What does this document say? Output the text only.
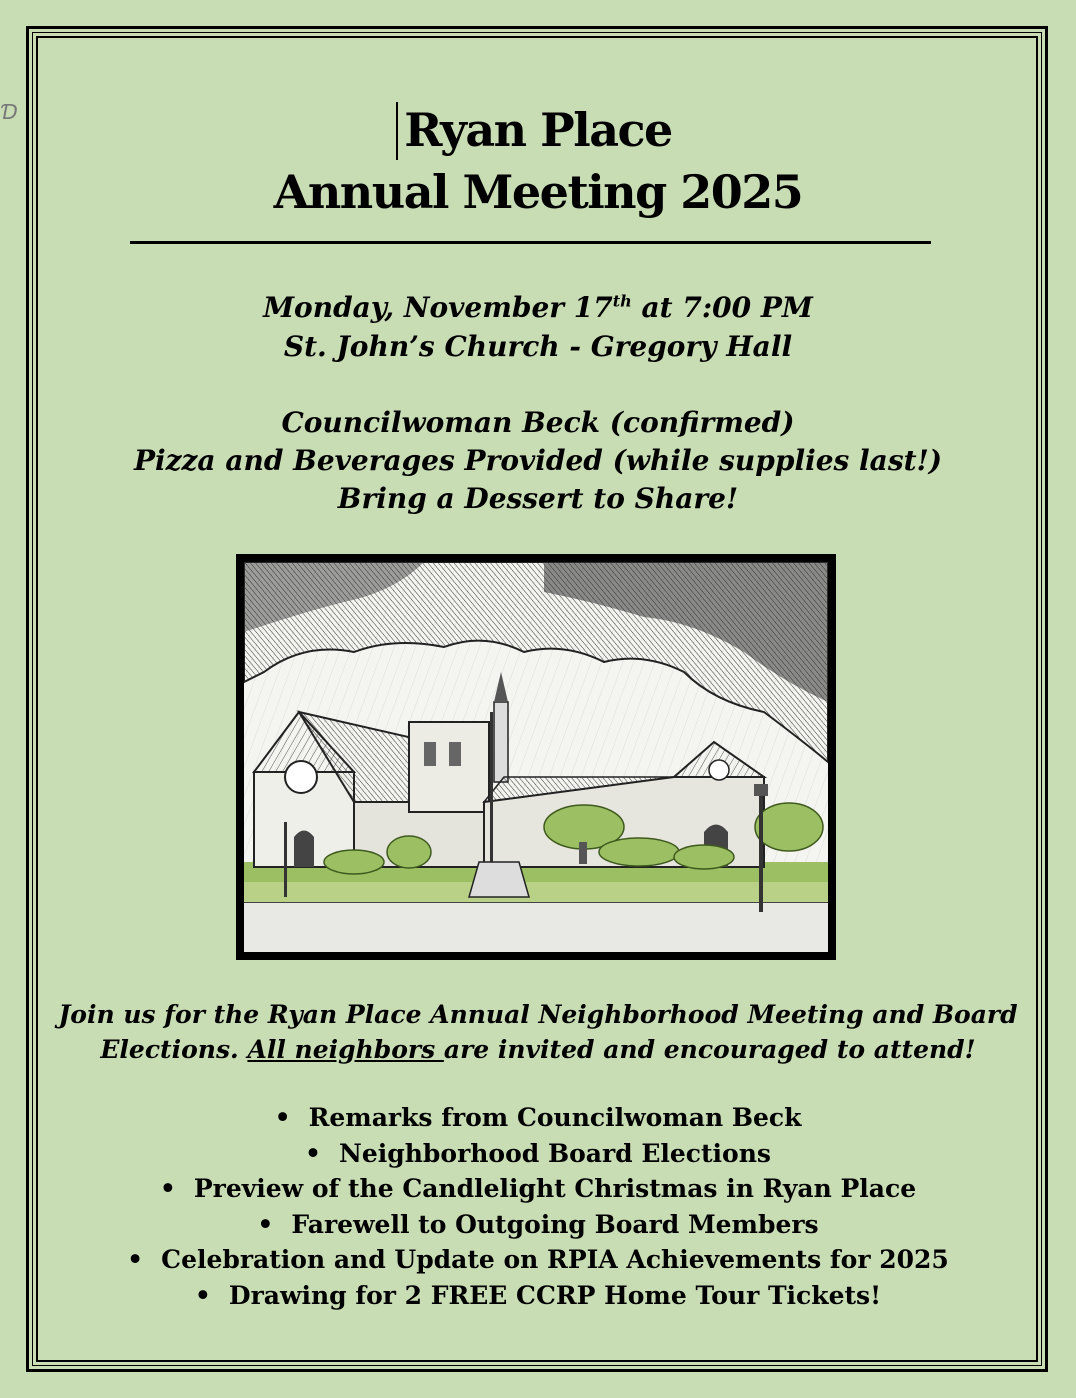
Ɗ	Ryan Place
Annual Meeting 2025
Monday, November 17th at 7:00 PM
St. John’s Church - Gregory Hall
Councilwoman Beck (confirmed)
Pizza and Beverages Provided (while supplies last!)
Bring a Dessert to Share!
Join us for the Ryan Place Annual Neighborhood Meeting and Board
Elections. All neighbors are invited and encouraged to attend!
• Remarks from Councilwoman Beck
• Neighborhood Board Elections
• Preview of the Candlelight Christmas in Ryan Place
• Farewell to Outgoing Board Members
• Celebration and Update on RPIA Achievements for 2025
• Drawing for 2 FREE CCRP Home Tour Tickets!
